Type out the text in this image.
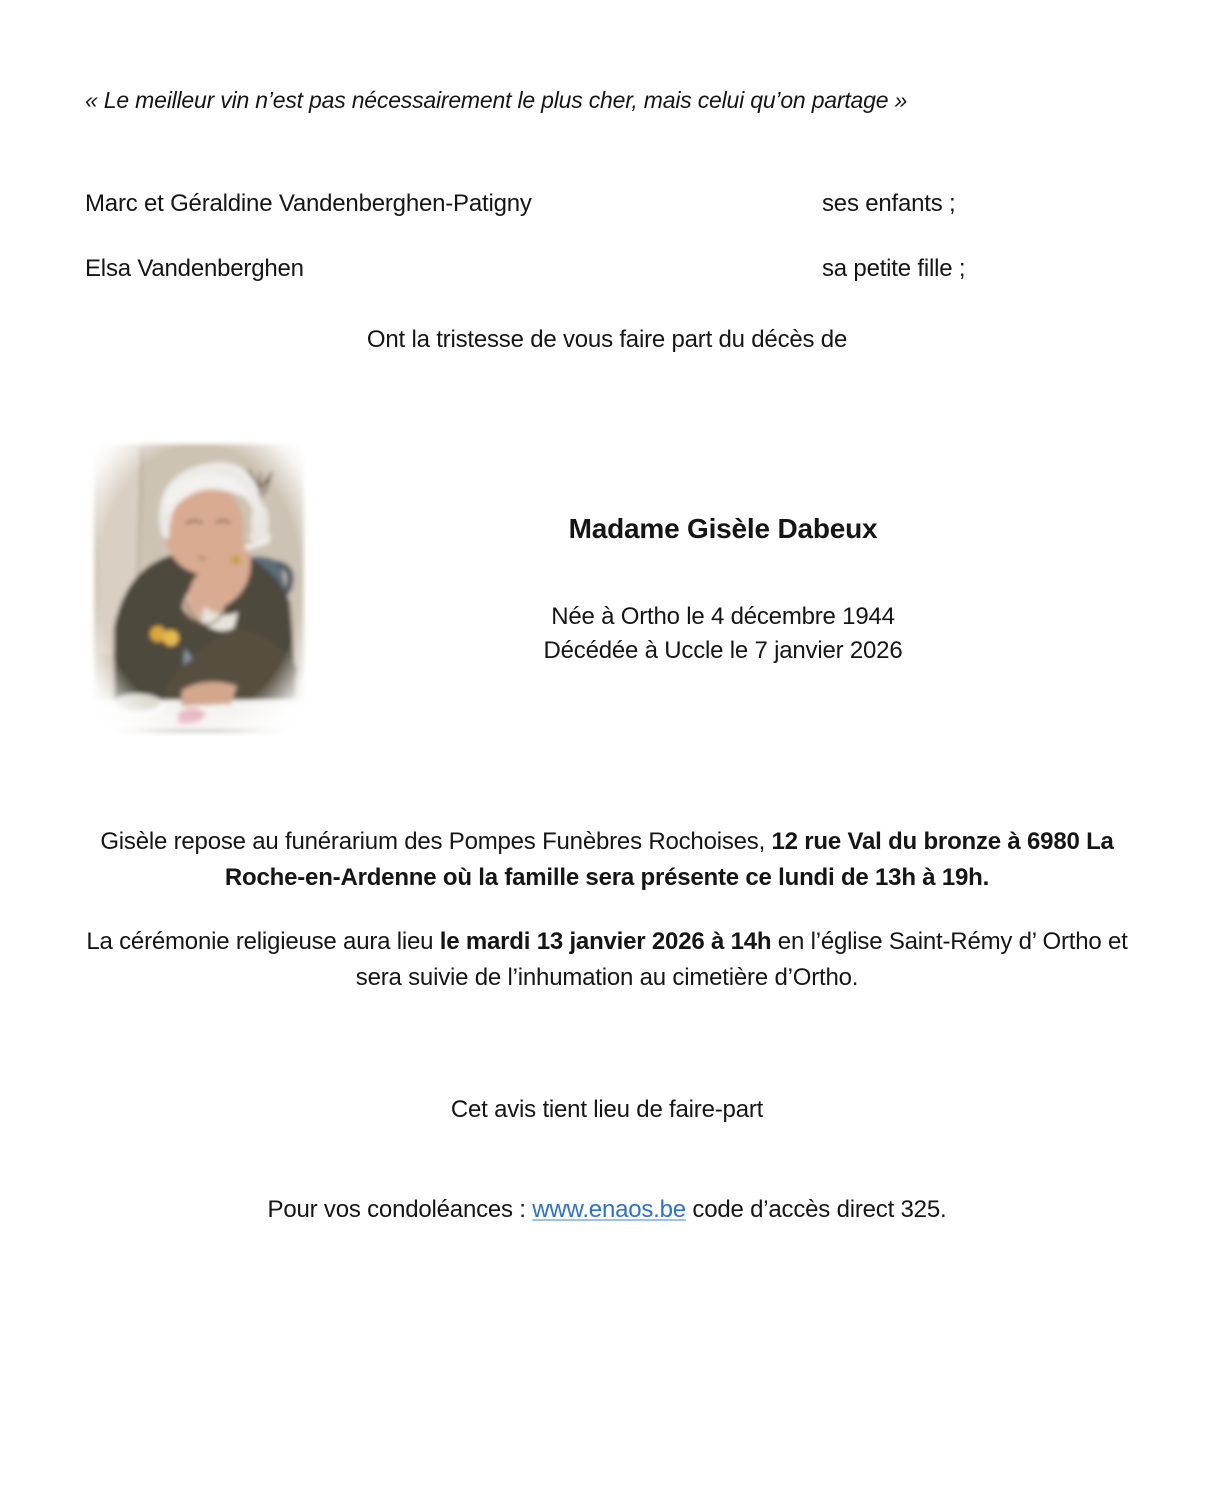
« Le meilleur vin n’est pas nécessairement le plus cher, mais celui qu’on partage »
Marc et Géraldine Vandenberghen-Patigny	ses enfants ;
Elsa Vandenberghen	sa petite fille ;
Ont la tristesse de vous faire part du décès de

Madame Gisèle Dabeux

Née à Ortho le 4 décembre 1944

Décédée à Uccle le 7 janvier 2026

Gisèle repose au funérarium des Pompes Funèbres Rochoises, 12 rue Val du bronze à 6980 La Roche-en-Ardenne où la famille sera présente ce lundi de 13h à 19h.
La cérémonie religieuse aura lieu le mardi 13 janvier 2026 à 14h en l’église Saint-Rémy d’ Ortho et sera suivie de l’inhumation au cimetière d’Ortho.
Cet avis tient lieu de faire-part
Pour vos condoléances : www.enaos.be code d’accès direct 325.
